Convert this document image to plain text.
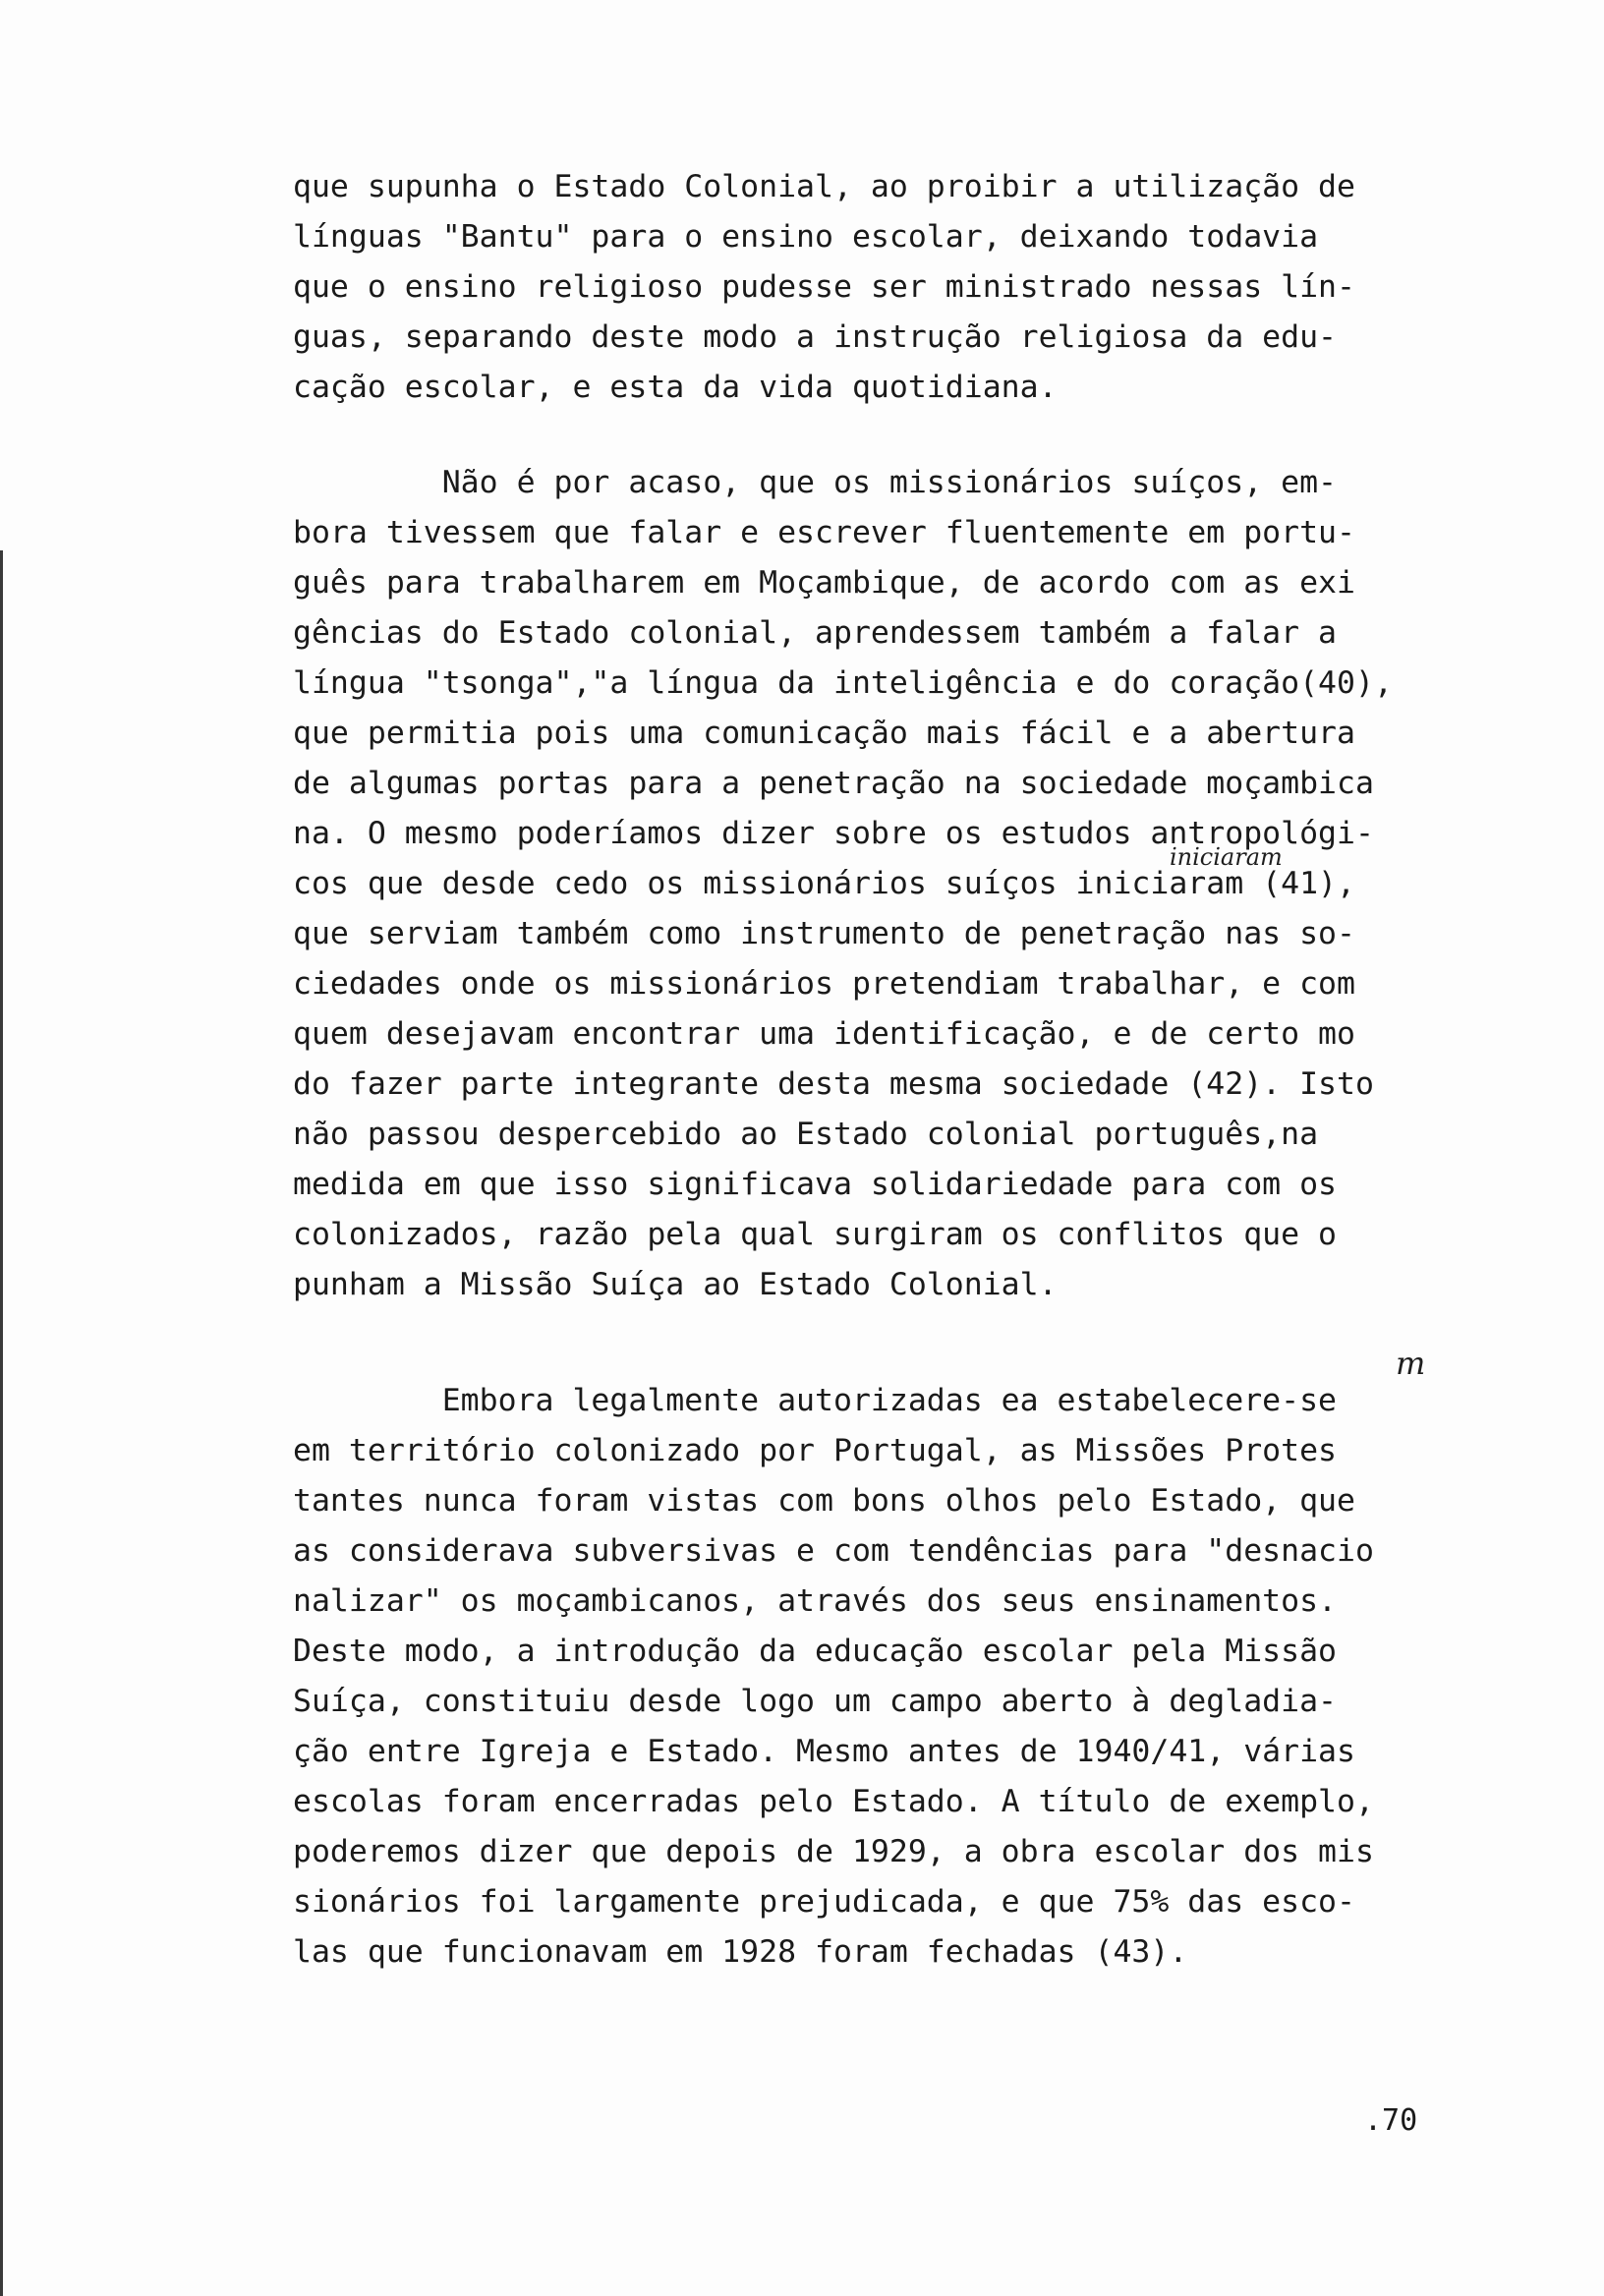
que supunha o Estado Colonial, ao proibir a utilização de
línguas "Bantu" para o ensino escolar, deixando todavia
que o ensino religioso pudesse ser ministrado nessas lín-
guas, separando deste modo a instrução religiosa da edu-
cação escolar, e esta da vida quotidiana.

Não é por acaso, que os missionários suíços, em-
bora tivessem que falar e escrever fluentemente em portu-
guês para trabalharem em Moçambique, de acordo com as exi
gências do Estado colonial, aprendessem também a falar a
língua "tsonga","a língua da inteligência e do coração(40),
que permitia pois uma comunicação mais fácil e a abertura
de algumas portas para a penetração na sociedade moçambica
na. O mesmo poderíamos dizer sobre os estudos antropológi-
cos que desde cedo os missionários suíços iniciaram (41),
que serviam também como instrumento de penetração nas so-
ciedades onde os missionários pretendiam trabalhar, e com
quem desejavam encontrar uma identificação, e de certo mo
do fazer parte integrante desta mesma sociedade (42). Isto
não passou despercebido ao Estado colonial português,na
medida em que isso significava solidariedade para com os
colonizados, razão pela qual surgiram os conflitos que o
punham a Missão Suíça ao Estado Colonial.

Embora legalmente autorizadas ea estabelecere-se
em território colonizado por Portugal, as Missões Protes
tantes nunca foram vistas com bons olhos pelo Estado, que
as considerava subversivas e com tendências para "desnacio
nalizar" os moçambicanos, através dos seus ensinamentos.
Deste modo, a introdução da educação escolar pela Missão
Suíça, constituiu desde logo um campo aberto à degladia-
ção entre Igreja e Estado. Mesmo antes de 1940/41, várias
escolas foram encerradas pelo Estado. A título de exemplo,
poderemos dizer que depois de 1929, a obra escolar dos mis
sionários foi largamente prejudicada, e que 75% das esco-
las que funcionavam em 1928 foram fechadas (43).

iniciaram
m
.70
